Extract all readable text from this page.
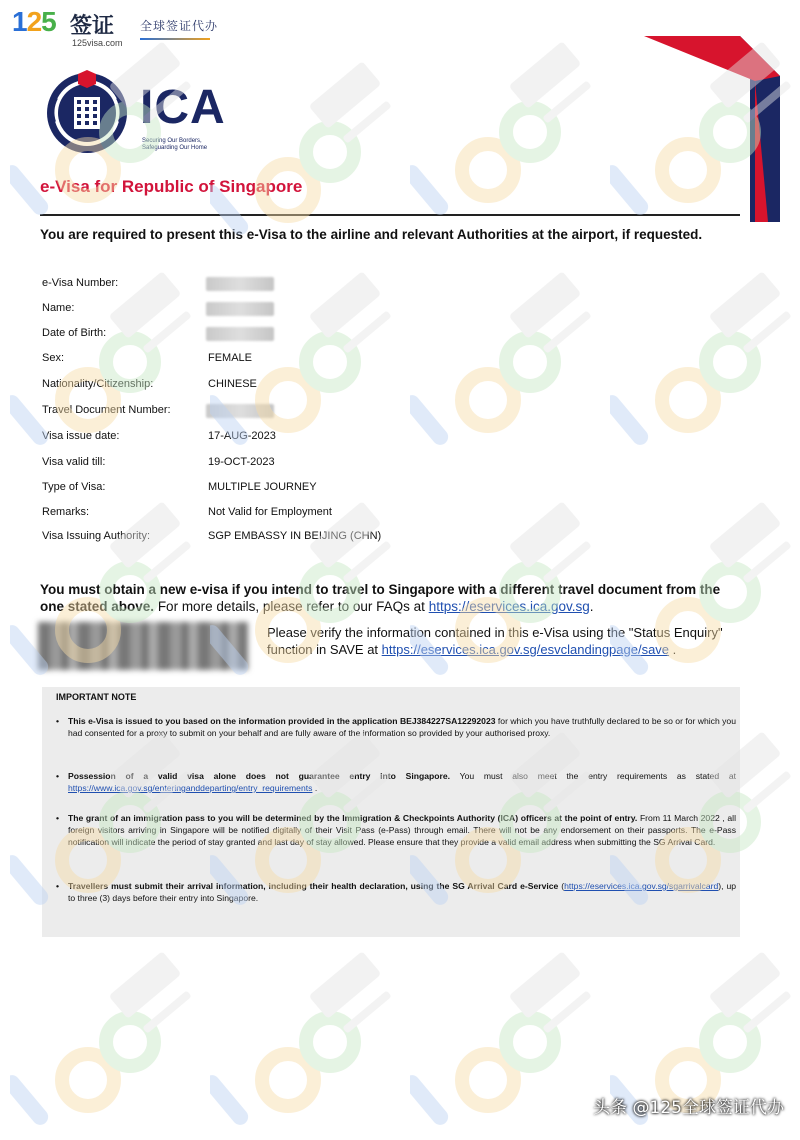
125 签证
125visa.com
全球签证代办
ICA
Securing Our Borders,
Safeguarding Our Home
e-Visa for Republic of Singapore
You are required to present this e-Visa to the airline and relevant Authorities at the airport, if requested.
e-Visa Number:
Name:
Date of Birth:
Sex:	FEMALE
Nationality/Citizenship:	CHINESE
Travel Document Number:
Visa issue date:	17-AUG-2023
Visa valid till:	19-OCT-2023
Type of Visa:	MULTIPLE JOURNEY
Remarks:	Not Valid for Employment
Visa Issuing Authority:	SGP EMBASSY IN BEIJING (CHN)
You must obtain a new e-visa if you intend to travel to Singapore with a different travel document from the one stated above. For more details, please refer to our FAQs at https://eservices.ica.gov.sg.
Please verify the information contained in this e-Visa using the "Status Enquiry" function in SAVE at https://eservices.ica.gov.sg/esvclandingpage/save .
IMPORTANT NOTE
• This e-Visa is issued to you based on the information provided in the application BEJ384227SA12292023 for which you have truthfully declared to be so or for which you had consented for a proxy to submit on your behalf and are fully aware of the information so provided by your authorised proxy.
• Possession of a valid visa alone does not guarantee entry into Singapore. You must also meet the entry requirements as stated at https://www.ica.gov.sg/enteringanddeparting/entry_requirements .
• The grant of an immigration pass to you will be determined by the Immigration & Checkpoints Authority (ICA) officers at the point of entry. From 11 March 2022 , all foreign visitors arriving in Singapore will be notified digitally of their Visit Pass (e-Pass) through email. There will not be any endorsement on their passports. The e-Pass notification will indicate the period of stay granted and last day of stay allowed. Please ensure that they provide a valid email address when submitting the SG Arrival Card.
• Travellers must submit their arrival information, including their health declaration, using the SG Arrival Card e-Service (https://eservices.ica.gov.sg/sgarrivalcard), up to three (3) days before their entry into Singapore.
头条 @125全球签证代办
